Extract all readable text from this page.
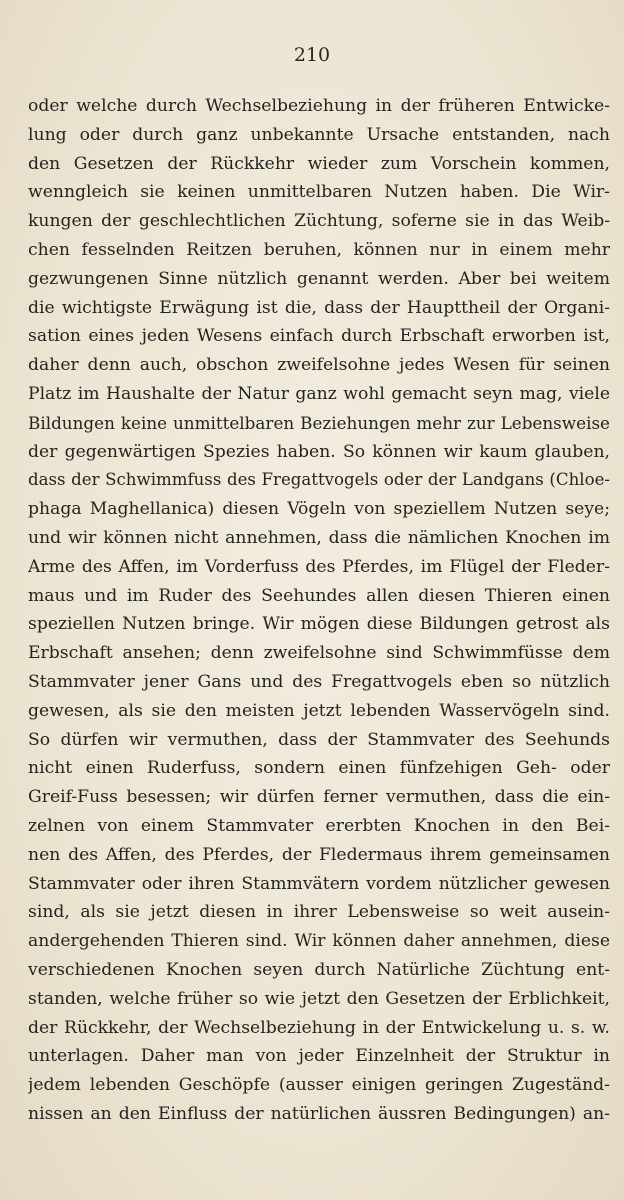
210
oder welche durch Wechselbeziehung in der früheren Entwicke-
lung oder durch ganz unbekannte Ursache entstanden, nach
den Gesetzen der Rückkehr wieder zum Vorschein kommen,
wenngleich sie keinen unmittelbaren Nutzen haben. Die Wir-
kungen der geschlechtlichen Züchtung, soferne sie in das Weib-
chen fesselnden Reitzen beruhen, können nur in einem mehr
gezwungenen Sinne nützlich genannt werden. Aber bei weitem
die wichtigste Erwägung ist die, dass der Haupttheil der Organi-
sation eines jeden Wesens einfach durch Erbschaft erworben ist,
daher denn auch, obschon zweifelsohne jedes Wesen für seinen
Platz im Haushalte der Natur ganz wohl gemacht seyn mag, viele
Bildungen keine unmittelbaren Beziehungen mehr zur Lebensweise
der gegenwärtigen Spezies haben. So können wir kaum glauben,
dass der Schwimmfuss des Fregattvogels oder der Landgans (Chloe-
phaga Maghellanica) diesen Vögeln von speziellem Nutzen seye;
und wir können nicht annehmen, dass die nämlichen Knochen im
Arme des Affen, im Vorderfuss des Pferdes, im Flügel der Fleder-
maus und im Ruder des Seehundes allen diesen Thieren einen
speziellen Nutzen bringe. Wir mögen diese Bildungen getrost als
Erbschaft ansehen; denn zweifelsohne sind Schwimmfüsse dem
Stammvater jener Gans und des Fregattvogels eben so nützlich
gewesen, als sie den meisten jetzt lebenden Wasservögeln sind.
So dürfen wir vermuthen, dass der Stammvater des Seehunds
nicht einen Ruderfuss, sondern einen fünfzehigen Geh- oder
Greif-Fuss besessen; wir dürfen ferner vermuthen, dass die ein-
zelnen von einem Stammvater ererbten Knochen in den Bei-
nen des Affen, des Pferdes, der Fledermaus ihrem gemeinsamen
Stammvater oder ihren Stammvätern vordem nützlicher gewesen
sind, als sie jetzt diesen in ihrer Lebensweise so weit ausein-
andergehenden Thieren sind. Wir können daher annehmen, diese
verschiedenen Knochen seyen durch Natürliche Züchtung ent-
standen, welche früher so wie jetzt den Gesetzen der Erblichkeit,
der Rückkehr, der Wechselbeziehung in der Entwickelung u. s. w.
unterlagen. Daher man von jeder Einzelnheit der Struktur in
jedem lebenden Geschöpfe (ausser einigen geringen Zugeständ-
nissen an den Einfluss der natürlichen äussren Bedingungen) an-
